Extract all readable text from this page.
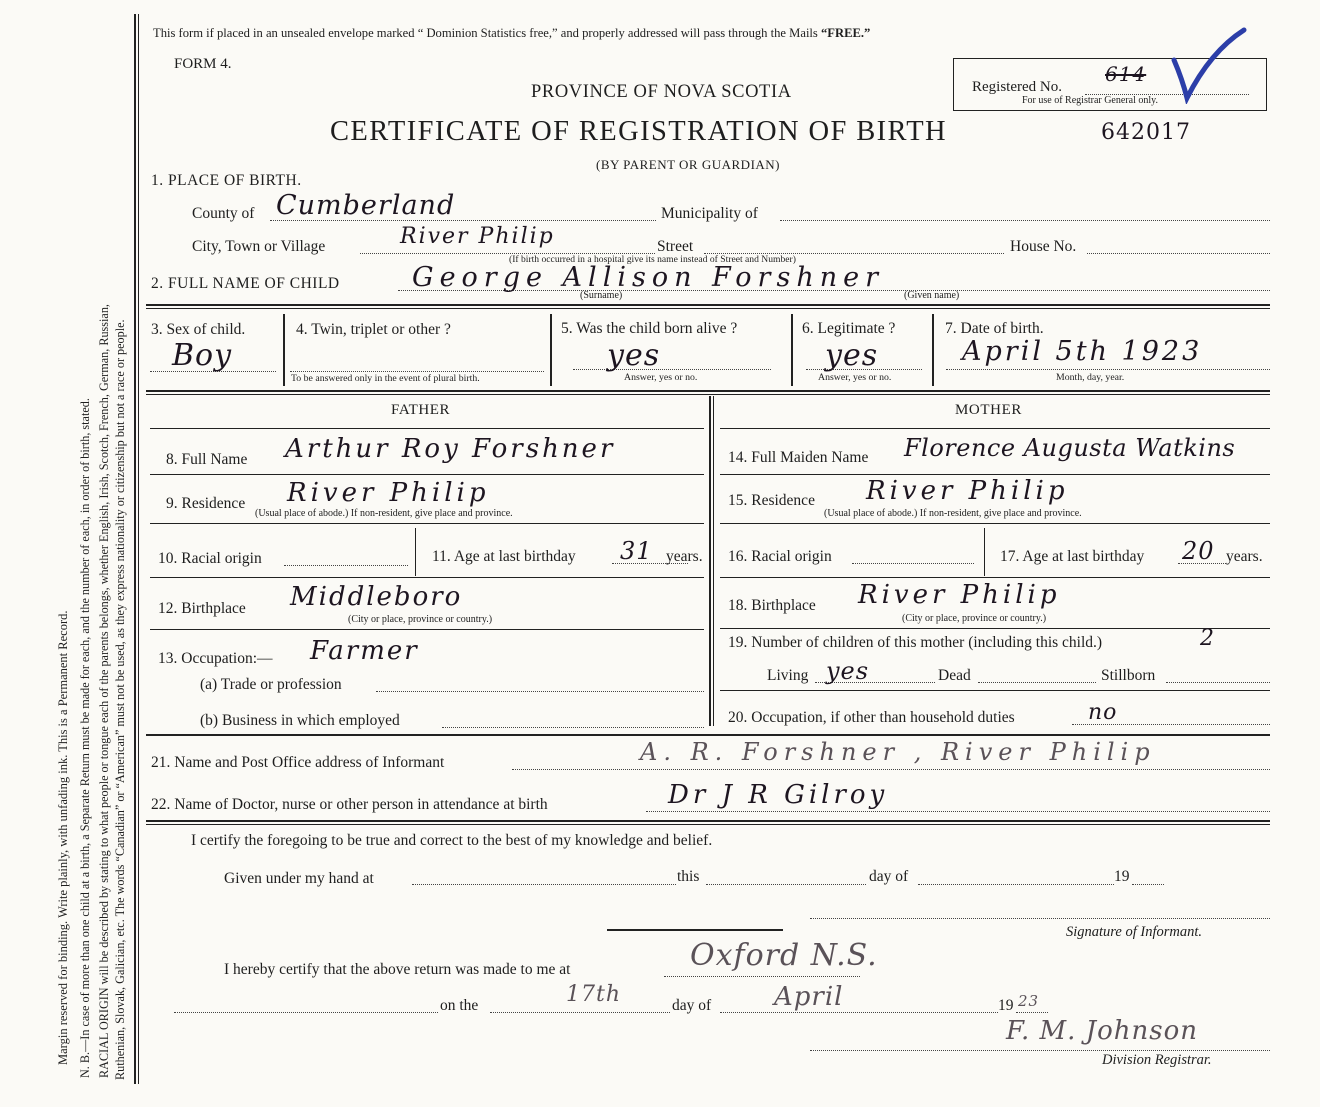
Margin reserved for binding. Write plainly, with unfading ink. This is a Permanent Record. N. B.—In case of more than one child at a birth, a Separate Return must be made for each, and the number of each, in order of birth, stated. RACIAL ORIGIN will be described by stating to what people or tongue each of the parents belongs, whether English, Irish, Scotch, French, German, Russian, Ruthenian, Slovak, Galician, etc. The words “Canadian” or “American” must not be used, as they express nationality or citizenship but not a race or people.
This form if placed in an unsealed envelope marked “ Dominion Statistics free,” and properly addressed will pass through the Mails “FREE.”
FORM 4.
PROVINCE OF NOVA SCOTIA
CERTIFICATE OF REGISTRATION OF BIRTH	642017
(BY PARENT OR GUARDIAN)
Registered No.
614
For use of Registrar General only.
1. PLACE OF BIRTH.
County of Cumberland	Municipality of
City, Town or Village	River Philip
(If birth occurred in a hospital give its name instead of Street and Number)
Street	House No.
2. FULL NAME OF CHILD	George Allison Forshner
(Surname)	(Given name)
3. Sex of child.
Boy
4. Twin, triplet or other ?
To be answered only in the event of plural birth.
5. Was the child born alive ?
yes
Answer, yes or no.
6. Legitimate ?
yes
Answer, yes or no.
7. Date of birth.
April 5th 1923
Month, day, year.
FATHER	MOTHER
8. Full Name Arthur Roy Forshner	14. Full Maiden Name Florence Augusta Watkins
9. Residence River Philip
(Usual place of abode.) If non-resident, give place and province.
15. Residence River Philip
(Usual place of abode.) If non-resident, give place and province.
10. Racial origin	11. Age at last birthday 31 years. 16. Racial origin	17. Age at last birthday 20 years.
12. Birthplace Middleboro
(City or place, province or country.)
18. Birthplace River Philip
(City or place, province or country.)
13. Occupation:— Farmer
(a) Trade or profession
(b) Business in which employed
19. Number of children of this mother (including this child.)	2
Living yes	Dead	Stillborn
20. Occupation, if other than household duties	no
21. Name and Post Office address of Informant	A. R. Forshner , River Philip
22. Name of Doctor, nurse or other person in attendance at birth	Dr J R Gilroy
I certify the foregoing to be true and correct to the best of my knowledge and belief.
Given under my hand at	this	day of	19
Signature of Informant.
I hereby certify that the above return was made to me at	Oxford N.S.
on the	17th	day of April	19 23
F. M. Johnson
Division Registrar.
